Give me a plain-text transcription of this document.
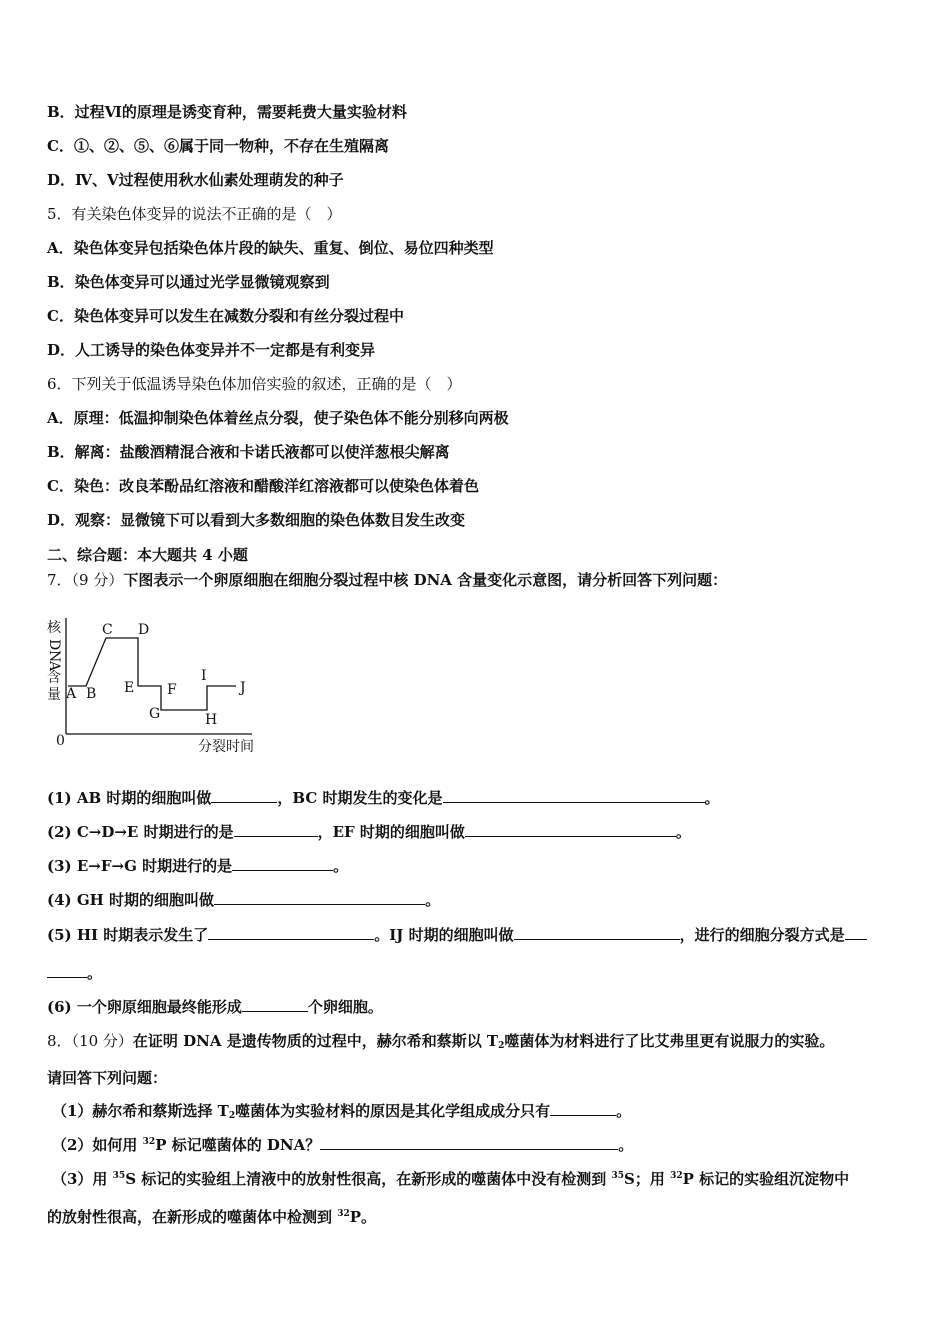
B．过程Ⅵ的原理是诱变育种，需要耗费大量实验材料
C．①、②、⑤、⑥属于同一物种，不存在生殖隔离
D．Ⅳ、Ⅴ过程使用秋水仙素处理萌发的种子
5．有关染色体变异的说法不正确的是（　）
A．染色体变异包括染色体片段的缺失、重复、倒位、易位四种类型
B．染色体变异可以通过光学显微镜观察到
C．染色体变异可以发生在减数分裂和有丝分裂过程中
D．人工诱导的染色体变异并不一定都是有利变异
6．下列关于低温诱导染色体加倍实验的叙述，正确的是（　）
A．原理：低温抑制染色体着丝点分裂，使子染色体不能分别移向两极
B．解离：盐酸酒精混合液和卡诺氏液都可以使洋葱根尖解离
C．染色：改良苯酚品红溶液和醋酸洋红溶液都可以使染色体着色
D．观察：显微镜下可以看到大多数细胞的染色体数目发生改变
二、综合题：本大题共 4 小题
7．（9 分）下图表示一个卵原细胞在细胞分裂过程中核 DNA 含量变化示意图，请分析回答下列问题：
核
D
N
A
含
量
0	分裂时间
A B
C D
E F
G	H
I
J
(1) AB 时期的细胞叫做	，BC 时期发生的变化是	。
(2) C→D→E 时期进行的是	，EF 时期的细胞叫做	。
(3) E→F→G 时期进行的是	。
(4) GH 时期的细胞叫做	。
(5) HI 时期表示发生了	。IJ 时期的细胞叫做	，进行的细胞分裂方式是
。
(6) 一个卵原细胞最终能形成	个卵细胞。
8．（10 分）在证明 DNA 是遗传物质的过程中，赫尔希和蔡斯以 $T_2$噬菌体为材料进行了比艾弗里更有说服力的实验。
请回答下列问题：
（1）赫尔希和蔡斯选择 $T_2$噬菌体为实验材料的原因是其化学组成成分只有	。
（2）如何用 $^{32}$P 标记噬菌体的 DNA？	。
（3）用 $^{35}$S 标记的实验组上清液中的放射性很高，在新形成的噬菌体中没有检测到 $^{35}$S；用 $^{32}$P 标记的实验组沉淀物中
的放射性很高，在新形成的噬菌体中检测到 $^{32}$P。
